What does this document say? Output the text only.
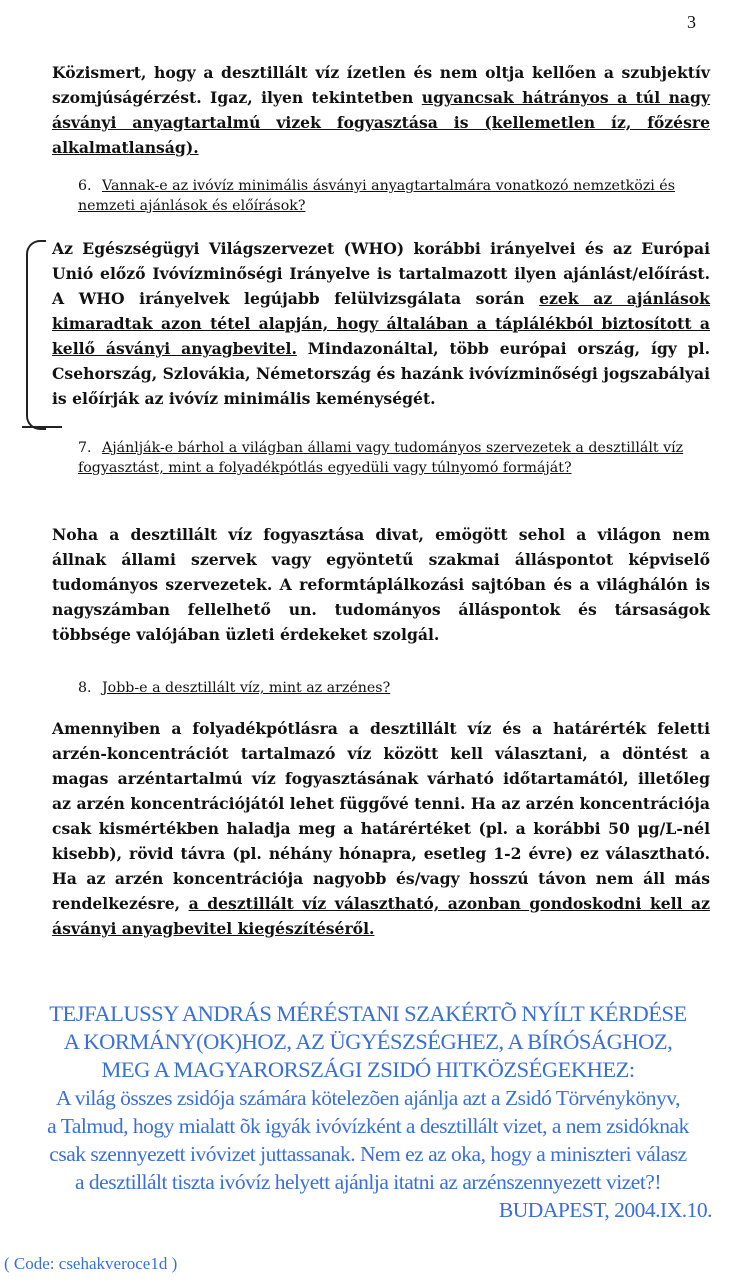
3
Közismert, hogy a desztillált víz ízetlen és nem oltja kellően a szubjektív szomjúságérzést. Igaz, ilyen tekintetben ugyancsak hátrányos a túl nagy ásványi anyagtartalmú vizek fogyasztása is (kellemetlen íz, főzésre alkalmatlanság).
6. Vannak-e az ivóvíz minimális ásványi anyagtartalmára vonatkozó nemzetközi és nemzeti ajánlások és előírások?
Az Egészségügyi Világszervezet (WHO) korábbi irányelvei és az Európai Unió előző Ivóvízminőségi Irányelve is tartalmazott ilyen ajánlást/előírást. A WHO irányelvek legújabb felülvizsgálata során ezek az ajánlások kimaradtak azon tétel alapján, hogy általában a táplálékból biztosított a kellő ásványi anyagbevitel. Mindazonáltal, több európai ország, így pl. Csehország, Szlovákia, Németország és hazánk ivóvízminőségi jogszabályai is előírják az ivóvíz minimális keménységét.
7. Ajánlják-e bárhol a világban állami vagy tudományos szervezetek a desztillált víz fogyasztást, mint a folyadékpótlás egyedüli vagy túlnyomó formáját?
Noha a desztillált víz fogyasztása divat, emögött sehol a világon nem állnak állami szervek vagy egyöntetű szakmai álláspontot képviselő tudományos szervezetek. A reformtáplálkozási sajtóban és a világhálón is nagyszámban fellelhető un. tudományos álláspontok és társaságok többsége valójában üzleti érdekeket szolgál.
8. Jobb-e a desztillált víz, mint az arzénes?
Amennyiben a folyadékpótlásra a desztillált víz és a határérték feletti arzén-koncentrációt tartalmazó víz között kell választani, a döntést a magas arzéntartalmú víz fogyasztásának várható időtartamától, illetőleg az arzén koncentrációjától lehet függővé tenni. Ha az arzén koncentrációja csak kismértékben haladja meg a határértéket (pl. a korábbi 50 μg/L-nél kisebb), rövid távra (pl. néhány hónapra, esetleg 1-2 évre) ez választható. Ha az arzén koncentrációja nagyobb és/vagy hosszú távon nem áll más rendelkezésre, a desztillált víz választható, azonban gondoskodni kell az ásványi anyagbevitel kiegészítéséről.
TEJFALUSSY ANDRÁS MÉRÉSTANI SZAKÉRTÕ NYÍLT KÉRDÉSE
A KORMÁNY(OK)HOZ, AZ ÜGYÉSZSÉGHEZ, A BÍRÓSÁGHOZ,
MEG A MAGYARORSZÁGI ZSIDÓ HITKÖZSÉGEKHEZ:
A világ összes zsidója számára kötelezõen ajánlja azt a Zsidó Törvénykönyv,
a Talmud, hogy mialatt õk igyák ivóvízként a desztillált vizet, a nem zsidóknak
csak szennyezett ivóvizet juttassanak. Nem ez az oka, hogy a miniszteri válasz
a desztillált tiszta ivóvíz helyett ajánlja itatni az arzénszennyezett vizet?!
BUDAPEST, 2004.IX.10.
( Code: csehakveroce1d )
